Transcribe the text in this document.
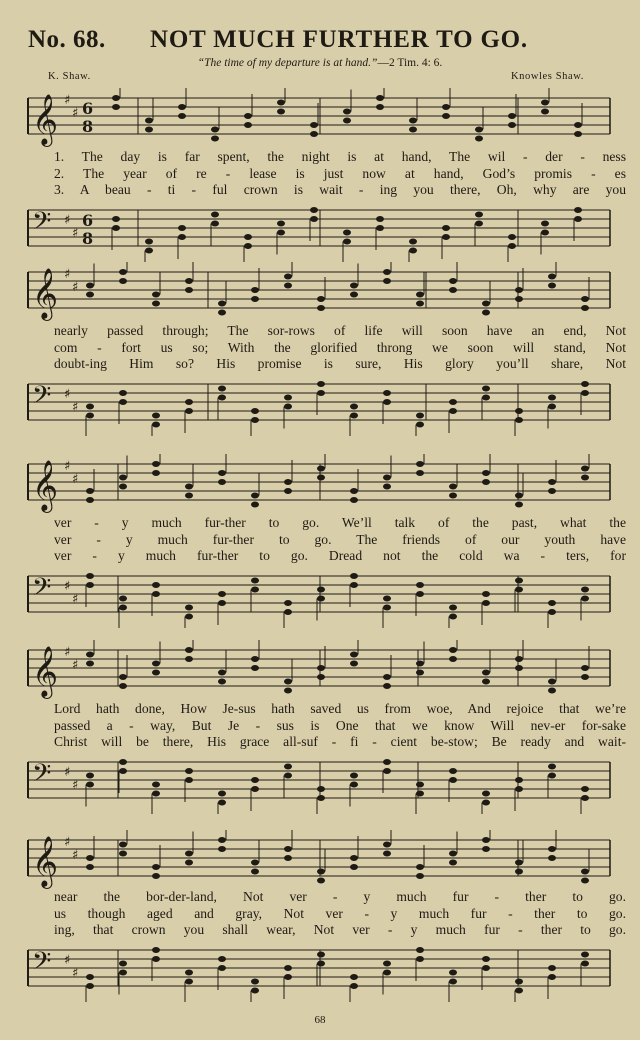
No. 68. NOT MUCH FURTHER TO GO.
“The time of my departure is at hand.”—2 Tim. 4: 6.
K. Shaw.	Knowles Shaw.
𝄞 ♯
♯ 6
8
1. The day is far spent, the night is at hand, The wil - der - ness
2. The year of re - lease is just now at hand, God’s promis - es
3. A beau - ti - ful crown is wait - ing you there, Oh, why are you
𝄢 ♯
♯
6
8
𝄞 ♯
♯
nearly passed through; The sor-rows of life will soon have an end, Not
com - fort us so; With the glorified throng we soon will stand, Not
doubt-ing Him so? His promise is sure, His glory you’ll share, Not
𝄢 ♯
♯
𝄞 ♯
♯
ver - y much fur-ther to go. We’ll talk of the past, what the
ver - y much fur-ther to go. The friends of our youth have
ver - y much fur-ther to go. Dread not the cold wa - ters, for
𝄢 ♯
♯
𝄞 ♯
♯
Lord hath done, How Je-sus hath saved us from woe, And rejoice that we’re
passed a - way, But Je - sus is One that we know Will nev-er for-sake
Christ will be there, His grace all-suf - fi - cient be-stow; Be ready and wait-
𝄢 ♯
♯
𝄞 ♯
♯
near the bor-der-land, Not ver - y much fur - ther to go.
us though aged and gray, Not ver - y much fur - ther to go.
ing, that crown you shall wear, Not ver - y much fur - ther to go.
𝄢 ♯
♯
68
